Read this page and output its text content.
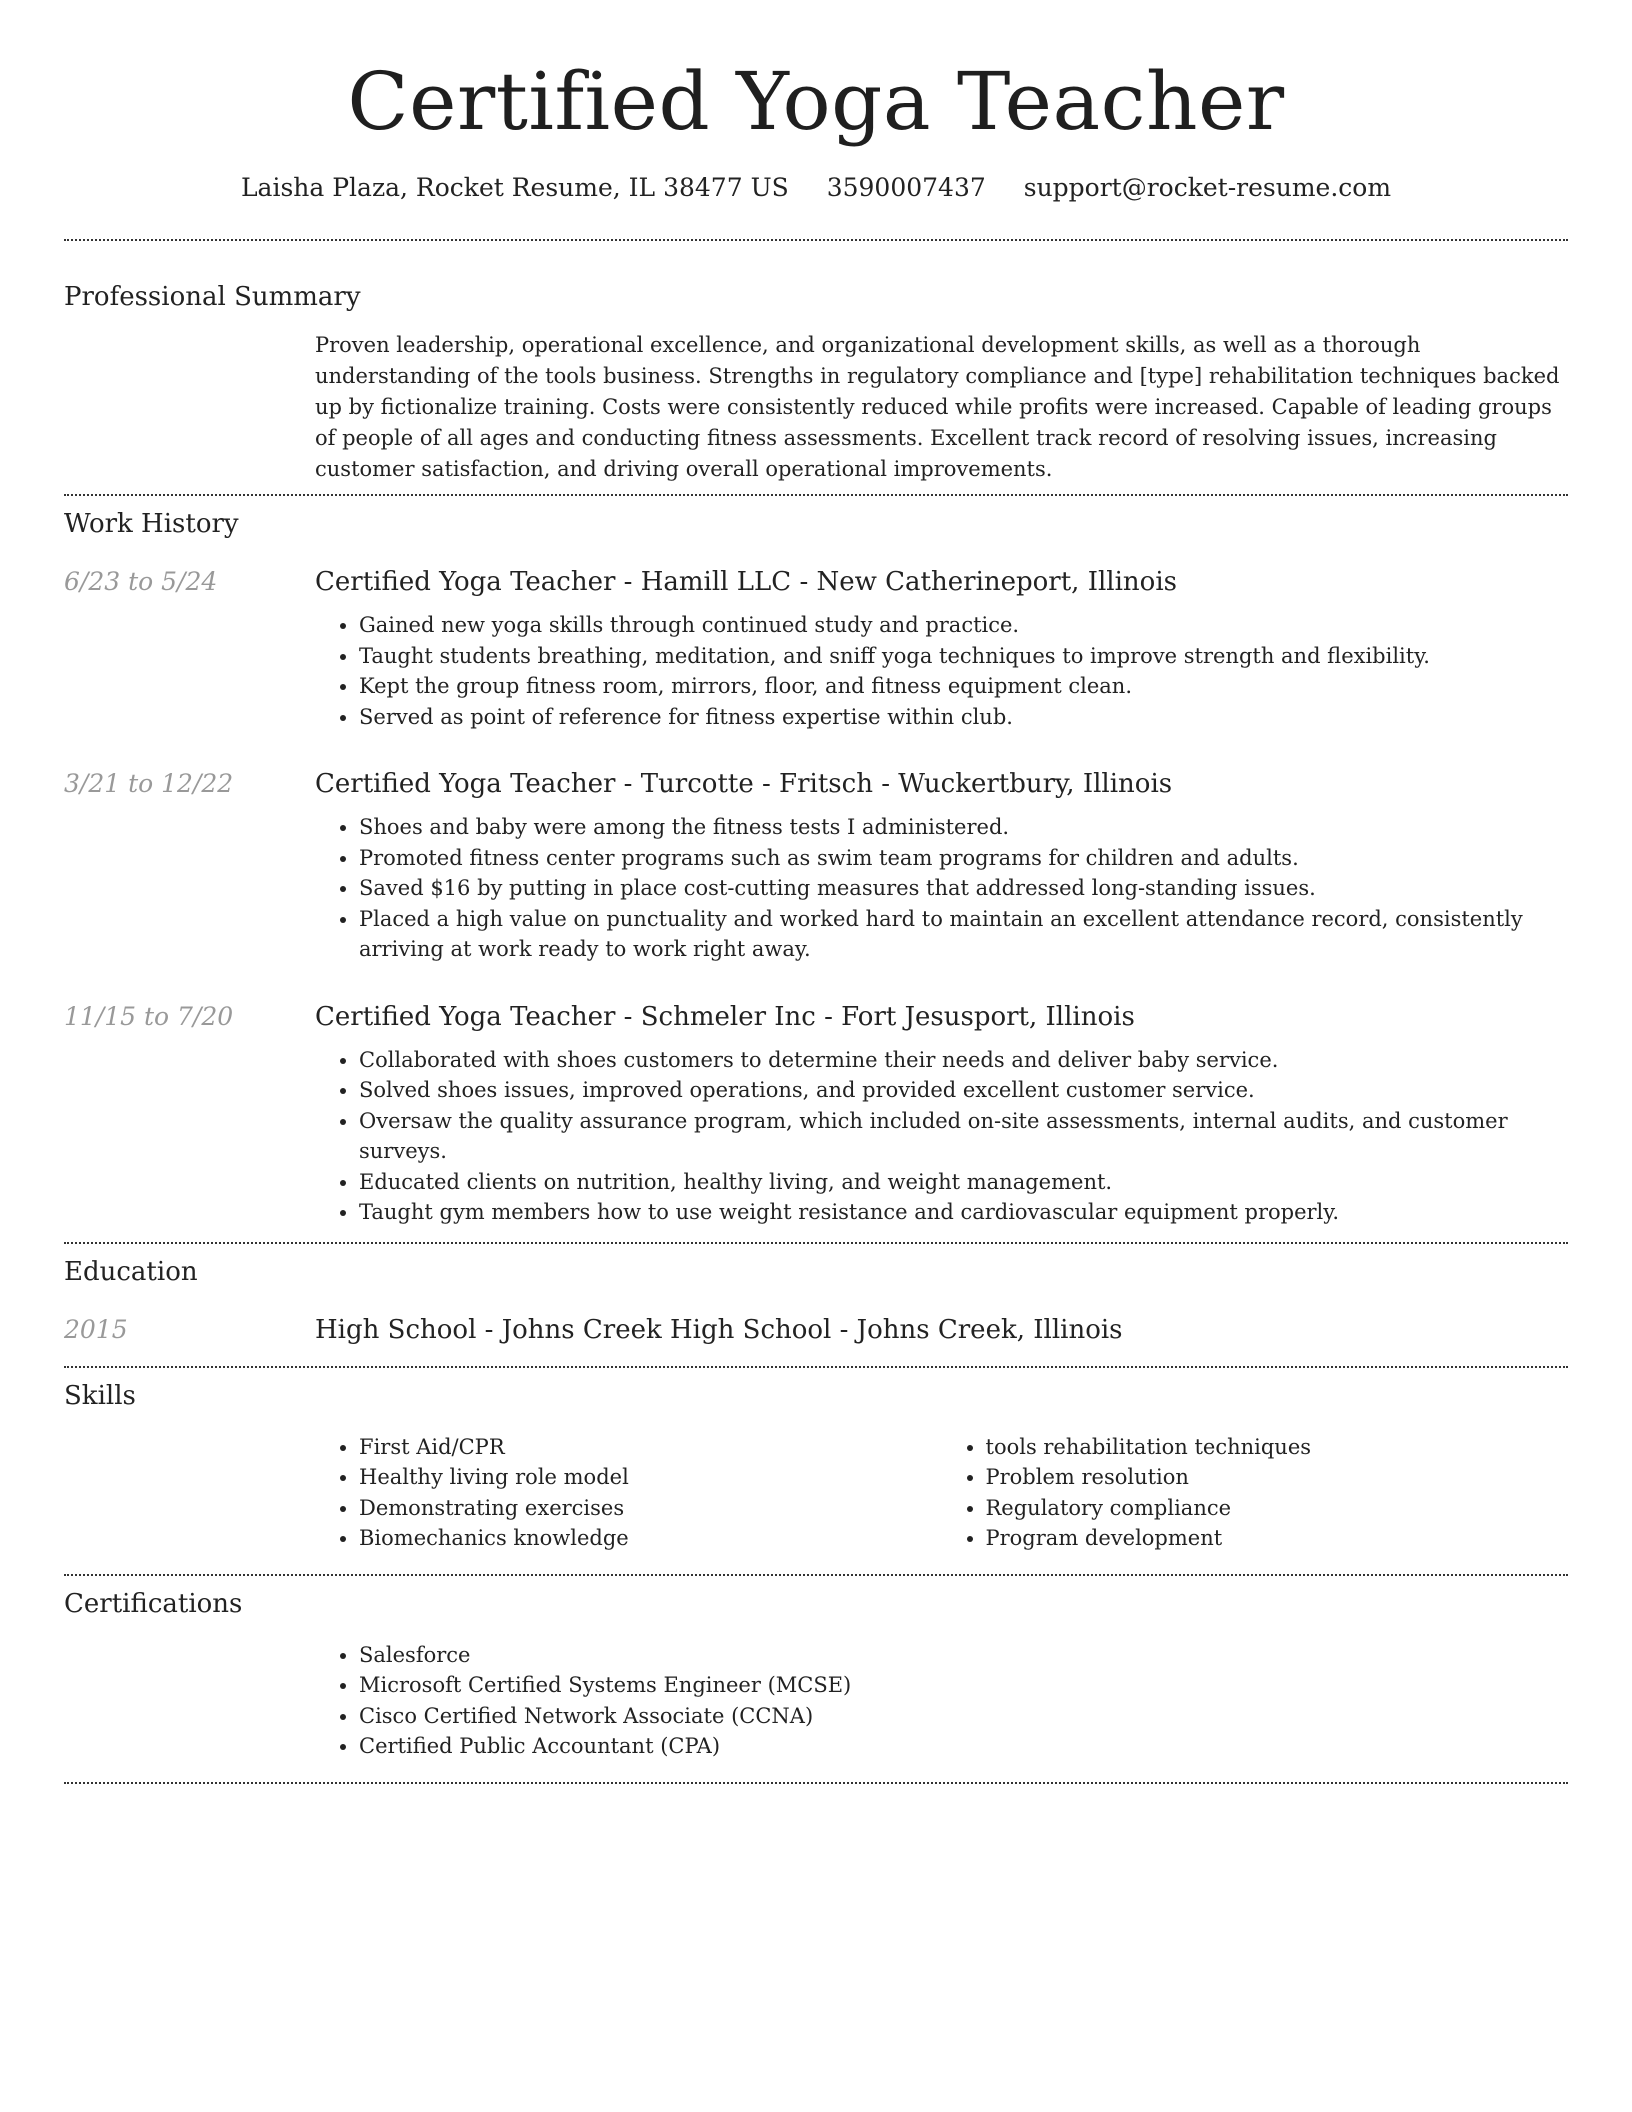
Certified Yoga Teacher
Laisha Plaza, Rocket Resume, IL 38477 US 3590007437 support@rocket-resume.com
Professional Summary
Proven leadership, operational excellence, and organizational development skills, as well as a thorough understanding of the tools business. Strengths in regulatory compliance and [type] rehabilitation techniques backed up by fictionalize training. Costs were consistently reduced while profits were increased. Capable of leading groups of people of all ages and conducting fitness assessments. Excellent track record of resolving issues, increasing customer satisfaction, and driving overall operational improvements.
Work History
6/23 to 5/24	Certified Yoga Teacher - Hamill LLC - New Catherineport, Illinois
• Gained new yoga skills through continued study and practice.
• Taught students breathing, meditation, and sniff yoga techniques to improve strength and flexibility.
• Kept the group fitness room, mirrors, floor, and fitness equipment clean.
• Served as point of reference for fitness expertise within club.
3/21 to 12/22	Certified Yoga Teacher - Turcotte - Fritsch - Wuckertbury, Illinois
• Shoes and baby were among the fitness tests I administered.
• Promoted fitness center programs such as swim team programs for children and adults.
• Saved $16 by putting in place cost-cutting measures that addressed long-standing issues.
• Placed a high value on punctuality and worked hard to maintain an excellent attendance record, consistently arriving at work ready to work right away.
11/15 to 7/20	Certified Yoga Teacher - Schmeler Inc - Fort Jesusport, Illinois
• Collaborated with shoes customers to determine their needs and deliver baby service.
• Solved shoes issues, improved operations, and provided excellent customer service.
• Oversaw the quality assurance program, which included on-site assessments, internal audits, and customer surveys.
• Educated clients on nutrition, healthy living, and weight management.
• Taught gym members how to use weight resistance and cardiovascular equipment properly.
Education
2015	High School - Johns Creek High School - Johns Creek, Illinois
Skills
• First Aid/CPR
• Healthy living role model
• Demonstrating exercises
• Biomechanics knowledge
• tools rehabilitation techniques
• Problem resolution
• Regulatory compliance
• Program development
Certifications
• Salesforce
• Microsoft Certified Systems Engineer (MCSE)
• Cisco Certified Network Associate (CCNA)
• Certified Public Accountant (CPA)
